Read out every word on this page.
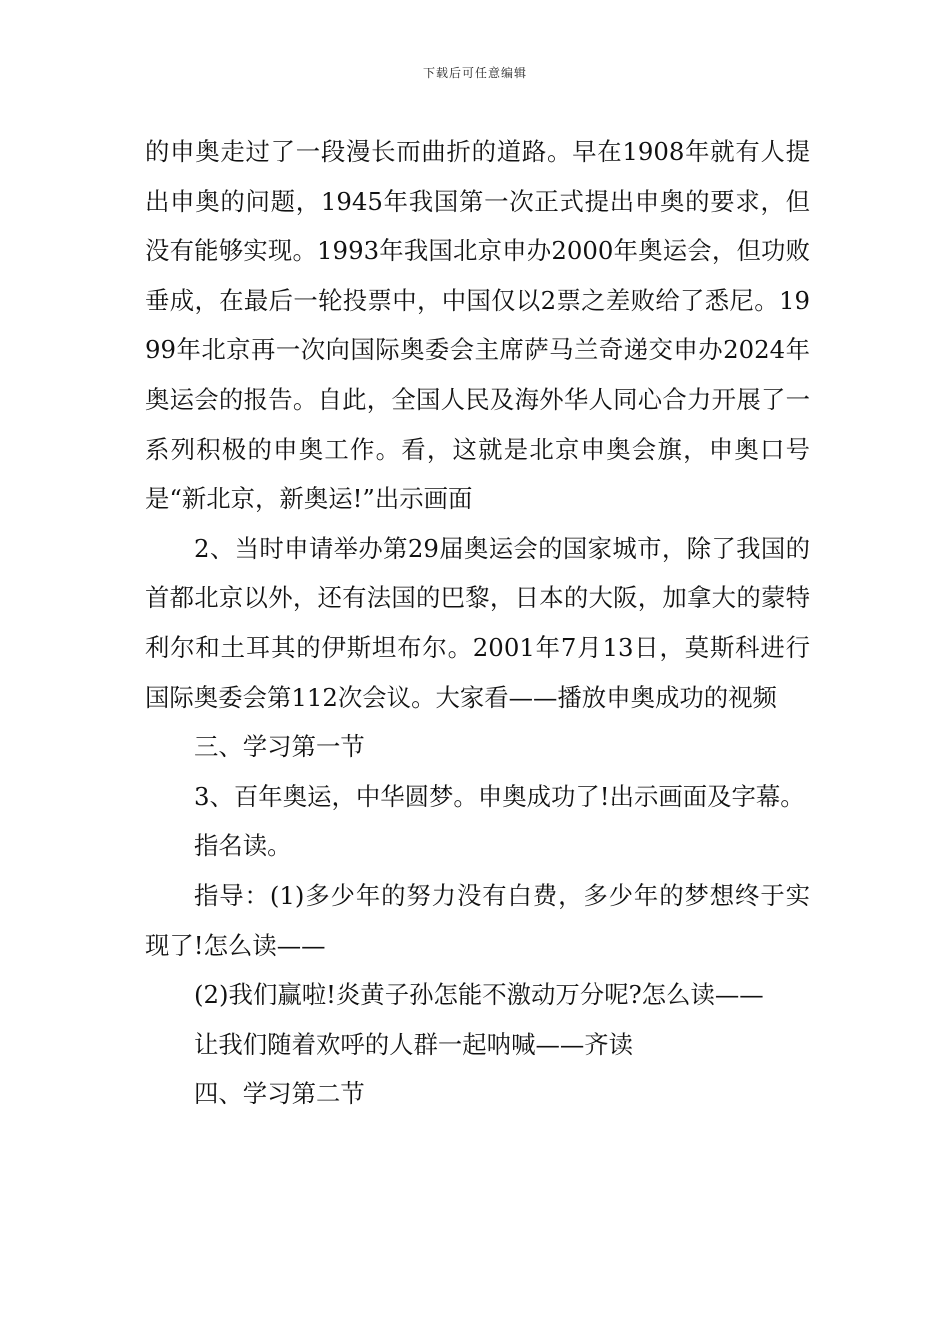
下载后可任意编辑

的申奥走过了一段漫长而曲折的道路。早在1908年就有人提出申奥的问题，1945年我国第一次正式提出申奥的要求，但没有能够实现。1993年我国北京申办2000年奥运会，但功败垂成，在最后一轮投票中，中国仅以2票之差败给了悉尼。1999年北京再一次向国际奥委会主席萨马兰奇递交申办2024年奥运会的报告。自此，全国人民及海外华人同心合力开展了一系列积极的申奥工作。看，这就是北京申奥会旗，申奥口号是“新北京，新奥运!”出示画面

2、当时申请举办第29届奥运会的国家城市，除了我国的首都北京以外，还有法国的巴黎，日本的大阪，加拿大的蒙特利尔和土耳其的伊斯坦布尔。2001年7月13日，莫斯科进行国际奥委会第112次会议。大家看——播放申奥成功的视频

三、学习第一节

3、百年奥运，中华圆梦。申奥成功了!出示画面及字幕。

指名读。

指导：(1)多少年的努力没有白费，多少年的梦想终于实现了!怎么读——

(2)我们赢啦!炎黄子孙怎能不激动万分呢?怎么读——

让我们随着欢呼的人群一起呐喊——齐读

四、学习第二节
